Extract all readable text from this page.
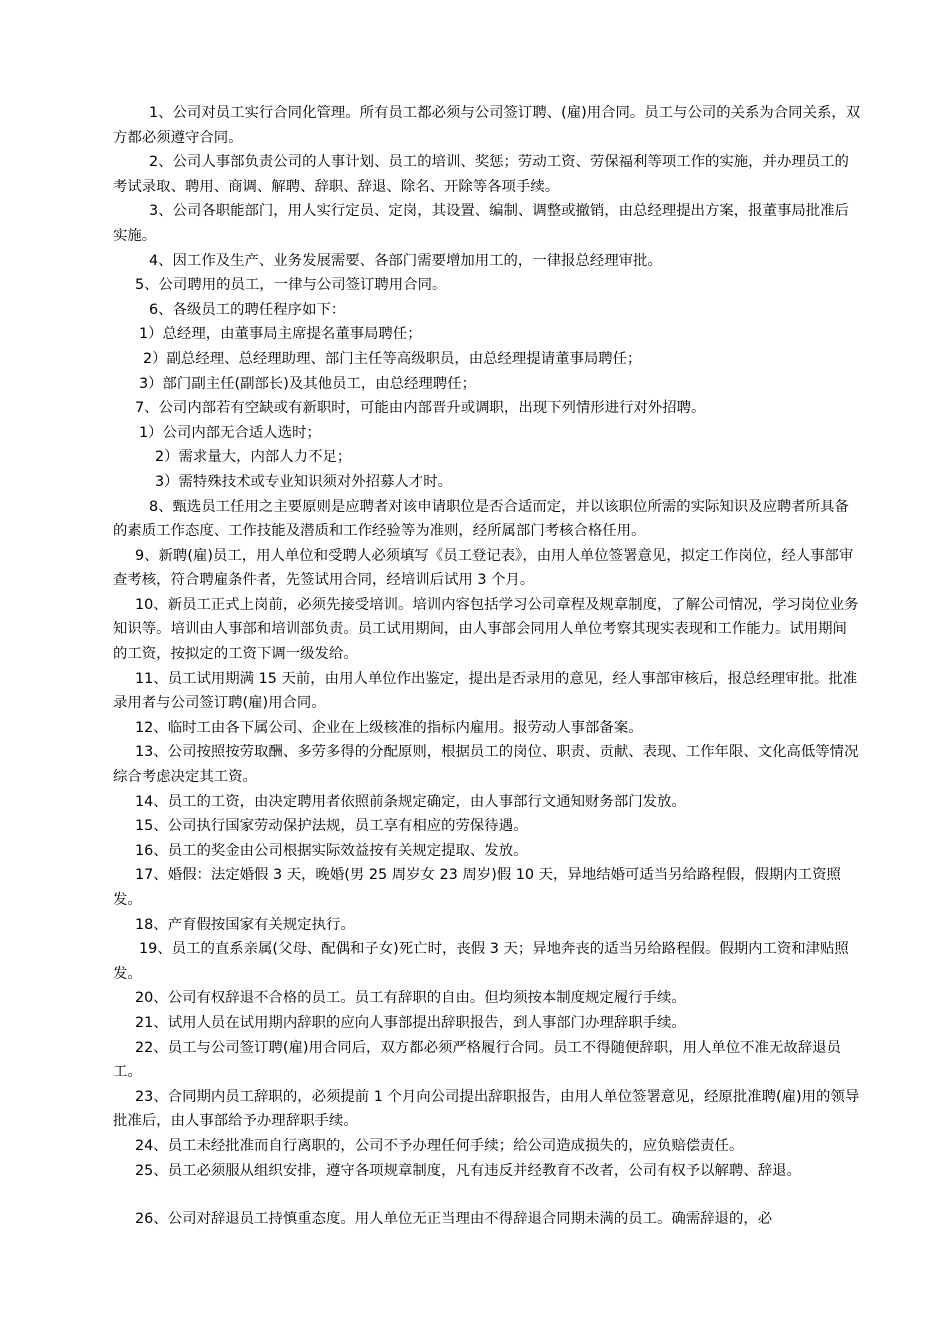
1、公司对员工实行合同化管理。所有员工都必须与公司签订聘、(雇)用合同。员工与公司的关系为合同关系，双方都必须遵守合同。

2、公司人事部负责公司的人事计划、员工的培训、奖惩；劳动工资、劳保福利等项工作的实施，并办理员工的考试录取、聘用、商调、解聘、辞职、辞退、除名、开除等各项手续。

3、公司各职能部门，用人实行定员、定岗，其设置、编制、调整或撤销，由总经理提出方案，报董事局批准后实施。

4、因工作及生产、业务发展需要、各部门需要增加用工的，一律报总经理审批。

5、公司聘用的员工，一律与公司签订聘用合同。

6、各级员工的聘任程序如下：

1）总经理，由董事局主席提名董事局聘任；

2）副总经理、总经理助理、部门主任等高级职员，由总经理提请董事局聘任；

3）部门副主任(副部长)及其他员工，由总经理聘任；

7、公司内部若有空缺或有新职时，可能由内部晋升或调职，出现下列情形进行对外招聘。

1）公司内部无合适人选时；

2）需求量大，内部人力不足；

3）需特殊技术或专业知识须对外招募人才时。

8、甄选员工任用之主要原则是应聘者对该申请职位是否合适而定，并以该职位所需的实际知识及应聘者所具备的素质工作态度、工作技能及潜质和工作经验等为准则，经所属部门考核合格任用。

9、新聘(雇)员工，用人单位和受聘人必须填写《员工登记表》，由用人单位签署意见，拟定工作岗位，经人事部审查考核，符合聘雇条件者，先签试用合同，经培训后试用 3 个月。

10、新员工正式上岗前，必须先接受培训。培训内容包括学习公司章程及规章制度，了解公司情况，学习岗位业务知识等。培训由人事部和培训部负责。员工试用期间，由人事部会同用人单位考察其现实表现和工作能力。试用期间的工资，按拟定的工资下调一级发给。

11、员工试用期满 15 天前，由用人单位作出鉴定，提出是否录用的意见，经人事部审核后，报总经理审批。批准录用者与公司签订聘(雇)用合同。

12、临时工由各下属公司、企业在上级核准的指标内雇用。报劳动人事部备案。

13、公司按照按劳取酬、多劳多得的分配原则，根据员工的岗位、职责、贡献、表现、工作年限、文化高低等情况综合考虑决定其工资。

14、员工的工资，由决定聘用者依照前条规定确定，由人事部行文通知财务部门发放。

15、公司执行国家劳动保护法规，员工享有相应的劳保待遇。

16、员工的奖金由公司根据实际效益按有关规定提取、发放。

17、婚假：法定婚假 3 天，晚婚(男 25 周岁女 23 周岁)假 10 天，异地结婚可适当另给路程假，假期内工资照发。

18、产育假按国家有关规定执行。

19、员工的直系亲属(父母、配偶和子女)死亡时，丧假 3 天；异地奔丧的适当另给路程假。假期内工资和津贴照发。

20、公司有权辞退不合格的员工。员工有辞职的自由。但均须按本制度规定履行手续。

21、试用人员在试用期内辞职的应向人事部提出辞职报告，到人事部门办理辞职手续。

22、员工与公司签订聘(雇)用合同后，双方都必须严格履行合同。员工不得随便辞职，用人单位不准无故辞退员工。

23、合同期内员工辞职的，必须提前 1 个月向公司提出辞职报告，由用人单位签署意见，经原批准聘(雇)用的领导批准后，由人事部给予办理辞职手续。

24、员工未经批准而自行离职的，公司不予办理任何手续；给公司造成损失的，应负赔偿责任。

25、员工必须服从组织安排，遵守各项规章制度，凡有违反并经教育不改者，公司有权予以解聘、辞退。

26、公司对辞退员工持慎重态度。用人单位无正当理由不得辞退合同期未满的员工。确需辞退的，必
